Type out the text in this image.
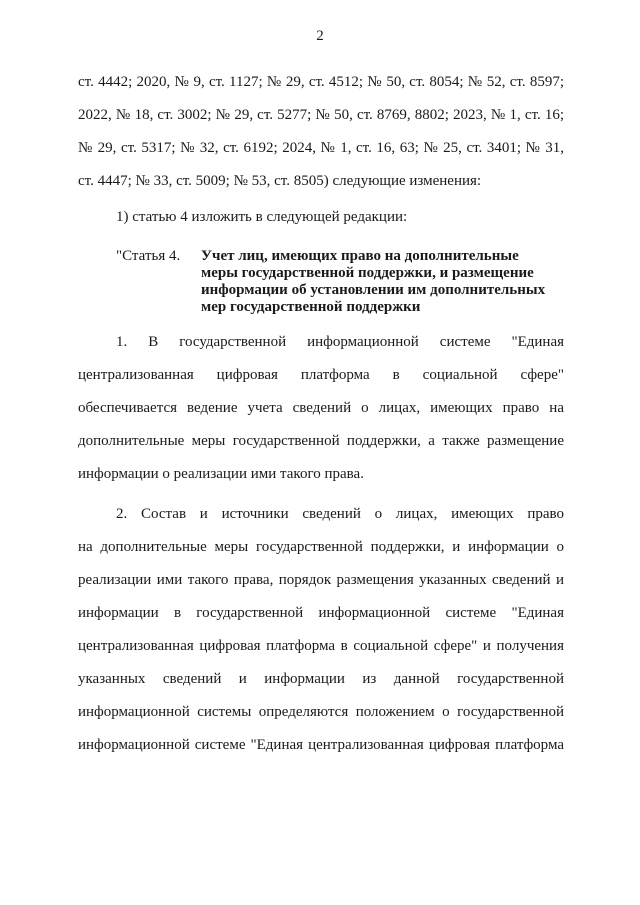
2
ст. 4442; 2020, № 9, ст. 1127; № 29, ст. 4512; № 50, ст. 8054; № 52, ст. 8597;
2022, № 18, ст. 3002; № 29, ст. 5277; № 50, ст. 8769, 8802; 2023, № 1, ст. 16;
№ 29, ст. 5317; № 32, ст. 6192; 2024, № 1, ст. 16, 63; № 25, ст. 3401; № 31,
ст. 4447; № 33, ст. 5009; № 53, ст. 8505) следующие изменения:
1) статью 4 изложить в следующей редакции:
"Статья 4. Учет лиц, имеющих право на дополнительные
меры государственной поддержки, и размещение
информации об установлении им дополнительных
мер государственной поддержки
1. В государственной информационной системе "Единая
централизованная цифровая платформа в социальной сфере"
обеспечивается ведение учета сведений о лицах, имеющих право на
дополнительные меры государственной поддержки, а также размещение
информации о реализации ими такого права.
2. Состав и источники сведений о лицах, имеющих право
на дополнительные меры государственной поддержки, и информации о
реализации ими такого права, порядок размещения указанных сведений и
информации в государственной информационной системе "Единая
централизованная цифровая платформа в социальной сфере" и получения
указанных сведений и информации из данной государственной
информационной системы определяются положением о государственной
информационной системе "Единая централизованная цифровая платформа
